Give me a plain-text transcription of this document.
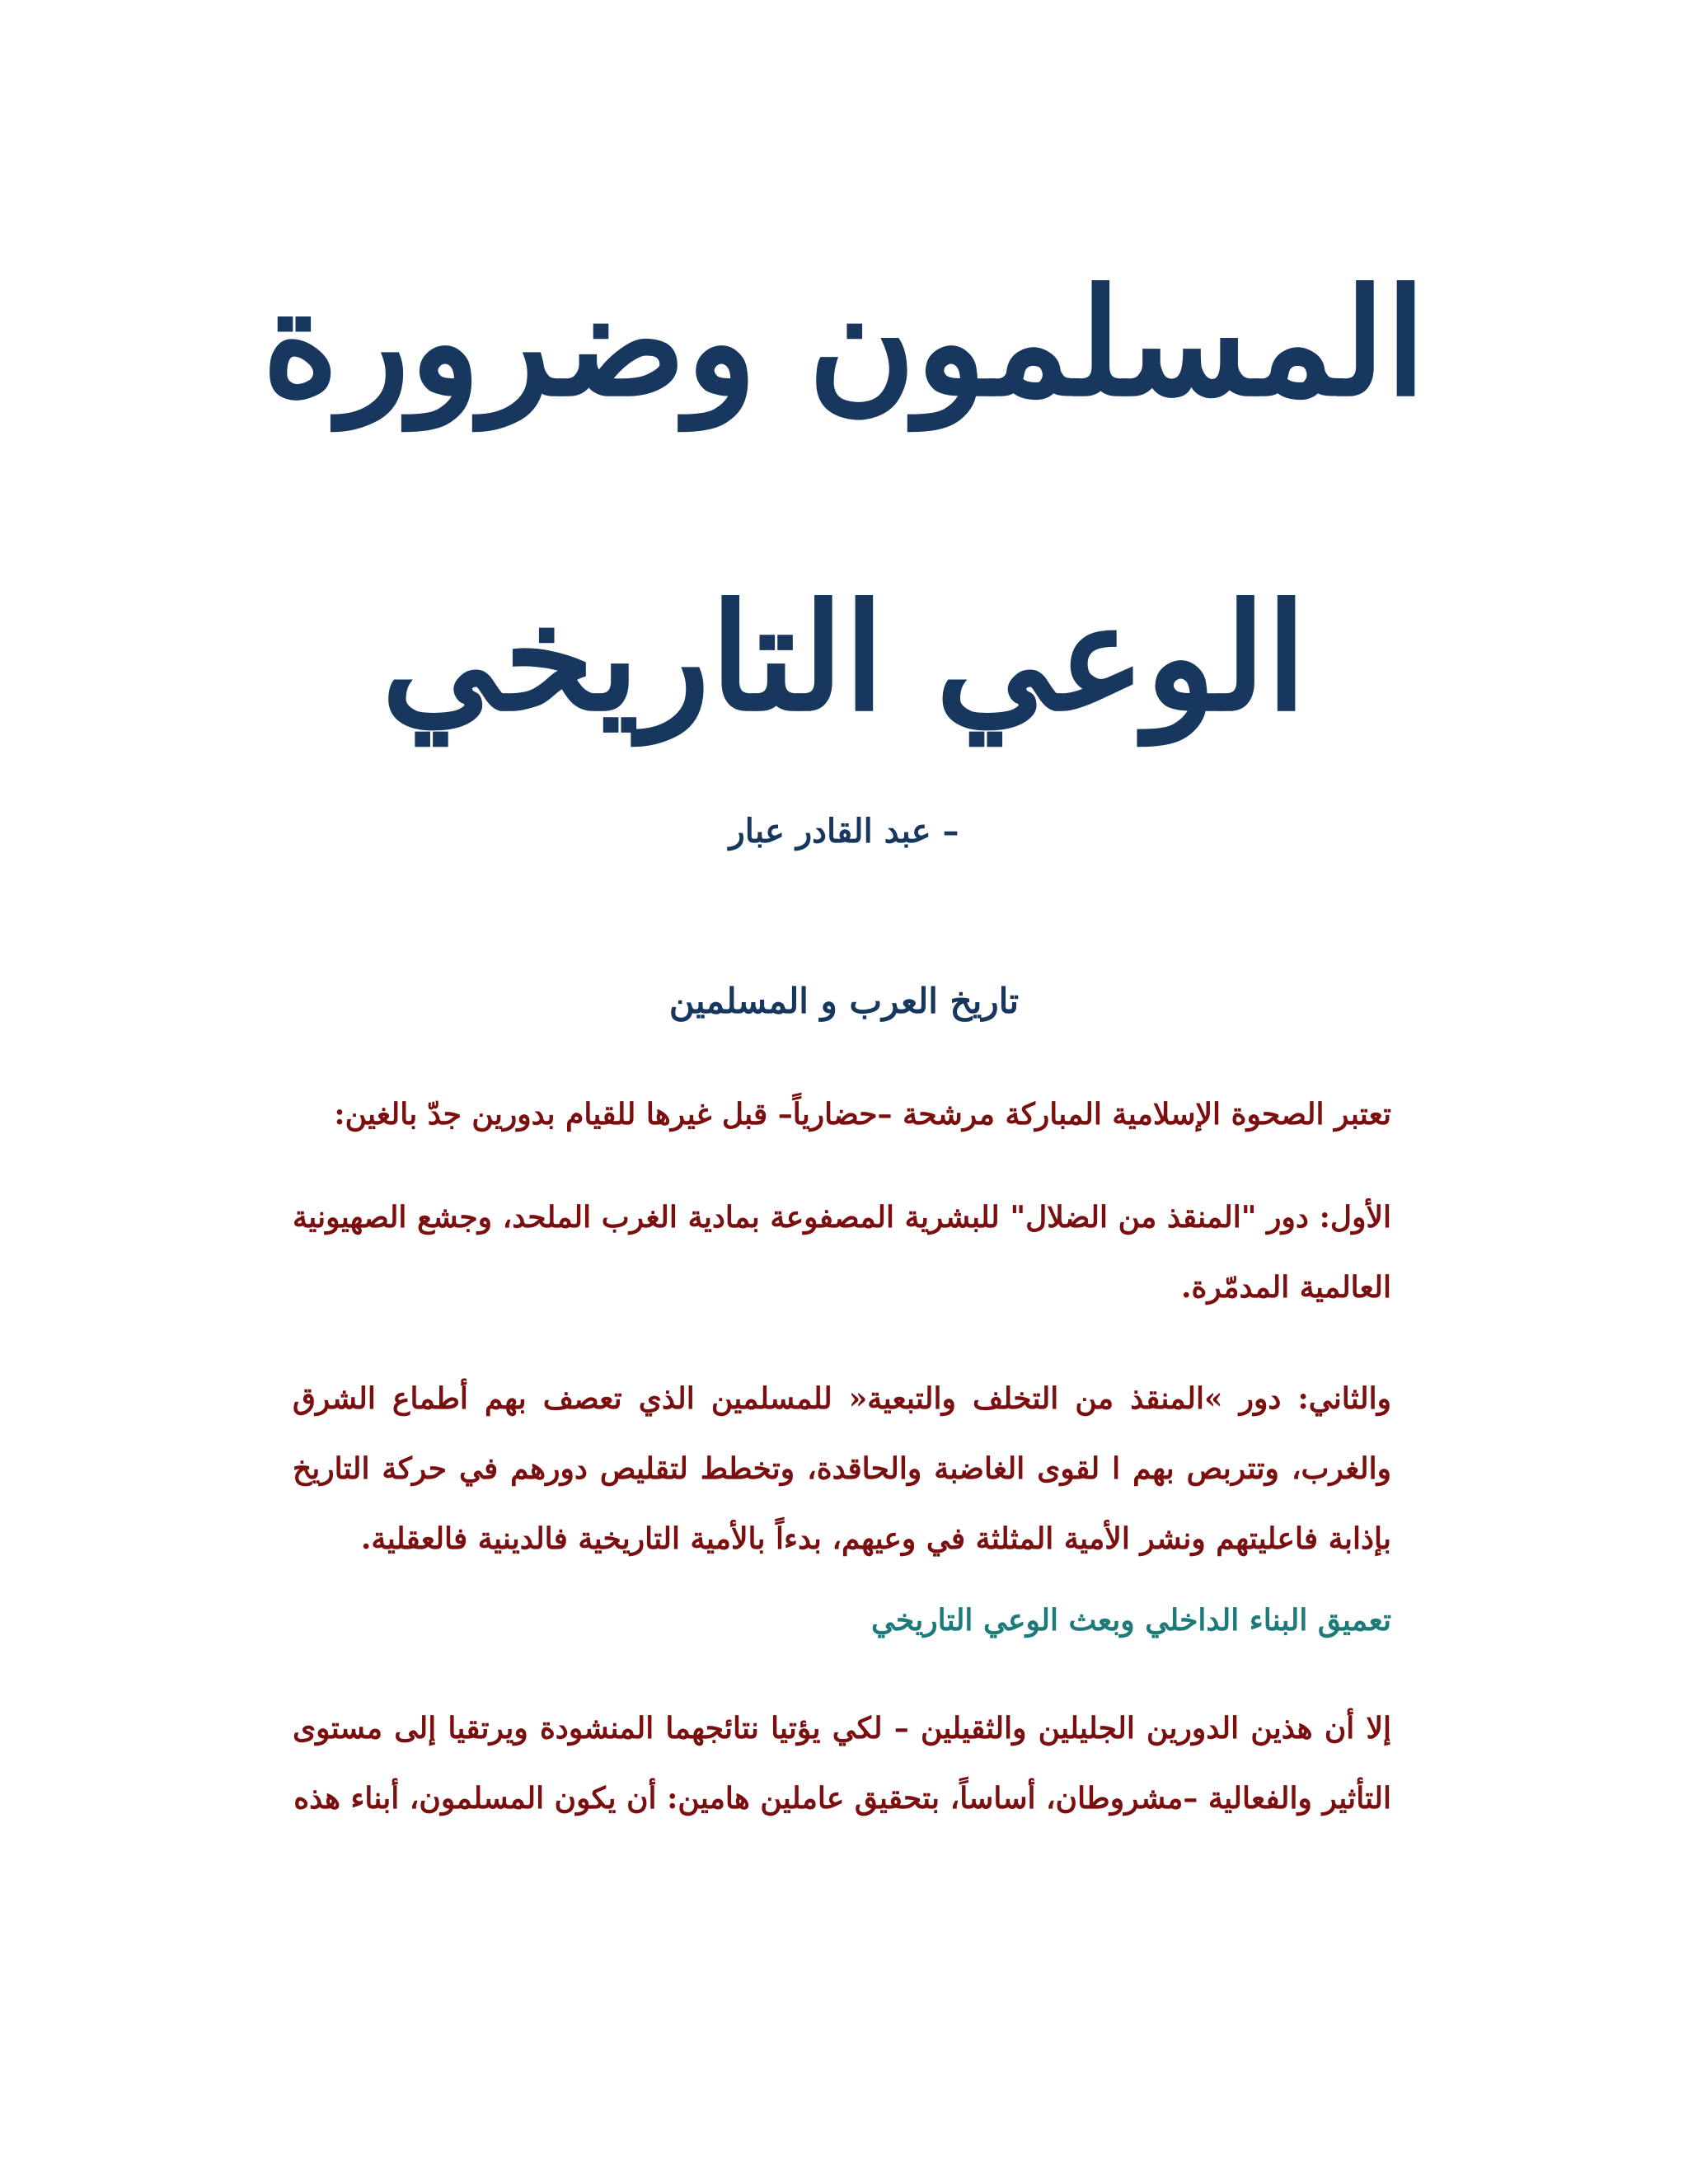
المسلمون وضرورة
الوعي التاريخي

– عبد القادر عبار

تاريخ العرب و المسلمين

تعتبر الصحوة الإسلامية المباركة مرشحة –حضارياً– قبل غيرها للقيام بدورين جدّ بالغين:

الأول: دور "المنقذ من الضلال" للبشرية المصفوعة بمادية الغرب الملحد، وجشع الصهيونية العالمية المدمّرة.

والثاني: دور »المنقذ من التخلف والتبعية« للمسلمين الذي تعصف بهم أطماع الشرق والغرب، وتتربص بهم ا لقوى الغاضبة والحاقدة، وتخطط لتقليص دورهم في حركة التاريخ بإذابة فاعليتهم ونشر الأمية المثلثة في وعيهم، بدءاً بالأمية التاريخية فالدينية فالعقلية.

تعميق البناء الداخلي وبعث الوعي التاريخي

إلا أن هذين الدورين الجليلين والثقيلين – لكي يؤتيا نتائجهما المنشودة ويرتقيا إلى مستوى التأثير والفعالية –مشروطان، أساساً، بتحقيق عاملين هامين: أن يكون المسلمون، أبناء هذه
